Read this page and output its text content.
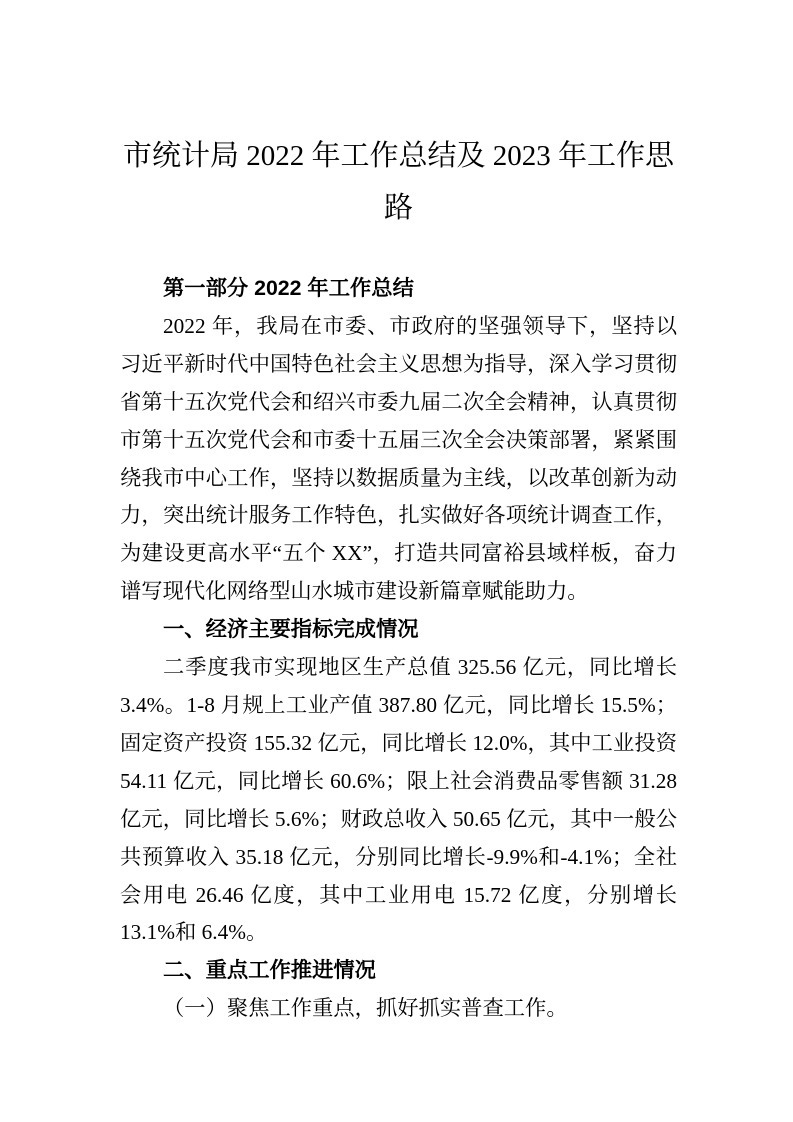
市统计局 2022 年工作总结及 2023 年工作思路

第一部分 2022 年工作总结

2022 年，我局在市委、市政府的坚强领导下，坚持以习近平新时代中国特色社会主义思想为指导，深入学习贯彻省第十五次党代会和绍兴市委九届二次全会精神，认真贯彻市第十五次党代会和市委十五届三次全会决策部署，紧紧围绕我市中心工作，坚持以数据质量为主线，以改革创新为动力，突出统计服务工作特色，扎实做好各项统计调查工作，为建设更高水平“五个 XX”，打造共同富裕县域样板，奋力谱写现代化网络型山水城市建设新篇章赋能助力。

一、经济主要指标完成情况

二季度我市实现地区生产总值 325.56 亿元，同比增长 3.4%。1-8 月规上工业产值 387.80 亿元，同比增长 15.5%；固定资产投资 155.32 亿元，同比增长 12.0%，其中工业投资 54.11 亿元，同比增长 60.6%；限上社会消费品零售额 31.28 亿元，同比增长 5.6%；财政总收入 50.65 亿元，其中一般公共预算收入 35.18 亿元，分别同比增长-9.9%和-4.1%；全社会用电 26.46 亿度，其中工业用电 15.72 亿度，分别增长 13.1%和 6.4%。

二、重点工作推进情况

（一）聚焦工作重点，抓好抓实普查工作。
